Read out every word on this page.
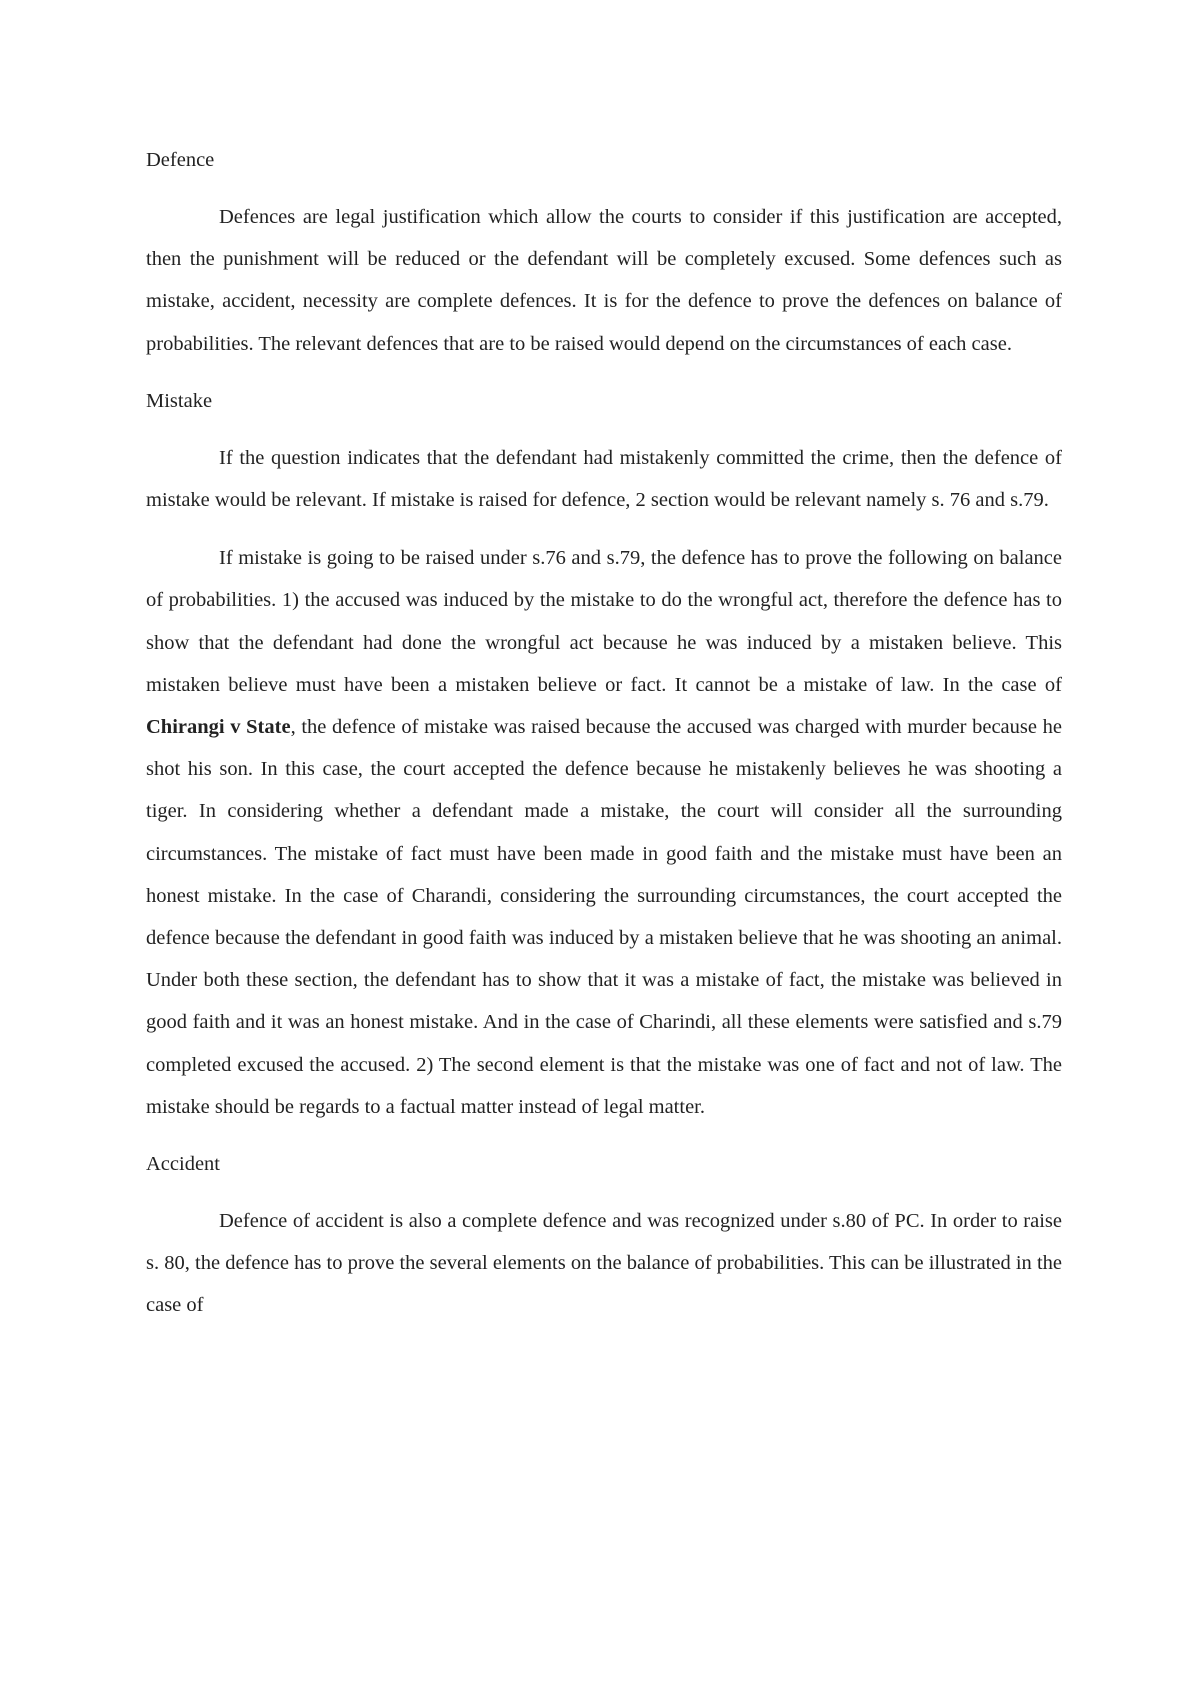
Defence

Defences are legal justification which allow the courts to consider if this justification are accepted, then the punishment will be reduced or the defendant will be completely excused. Some defences such as mistake, accident, necessity are complete defences. It is for the defence to prove the defences on balance of probabilities. The relevant defences that are to be raised would depend on the circumstances of each case.

Mistake

If the question indicates that the defendant had mistakenly committed the crime, then the defence of mistake would be relevant. If mistake is raised for defence, 2 section would be relevant namely s. 76 and s.79.

If mistake is going to be raised under s.76 and s.79, the defence has to prove the following on balance of probabilities. 1) the accused was induced by the mistake to do the wrongful act, therefore the defence has to show that the defendant had done the wrongful act because he was induced by a mistaken believe. This mistaken believe must have been a mistaken believe or fact. It cannot be a mistake of law. In the case of Chirangi v State, the defence of mistake was raised because the accused was charged with murder because he shot his son. In this case, the court accepted the defence because he mistakenly believes he was shooting a tiger. In considering whether a defendant made a mistake, the court will consider all the surrounding circumstances. The mistake of fact must have been made in good faith and the mistake must have been an honest mistake. In the case of Charandi, considering the surrounding circumstances, the court accepted the defence because the defendant in good faith was induced by a mistaken believe that he was shooting an animal. Under both these section, the defendant has to show that it was a mistake of fact, the mistake was believed in good faith and it was an honest mistake. And in the case of Charindi, all these elements were satisfied and s.79 completed excused the accused. 2) The second element is that the mistake was one of fact and not of law. The mistake should be regards to a factual matter instead of legal matter.

Accident

Defence of accident is also a complete defence and was recognized under s.80 of PC. In order to raise s. 80, the defence has to prove the several elements on the balance of probabilities. This can be illustrated in the case of
